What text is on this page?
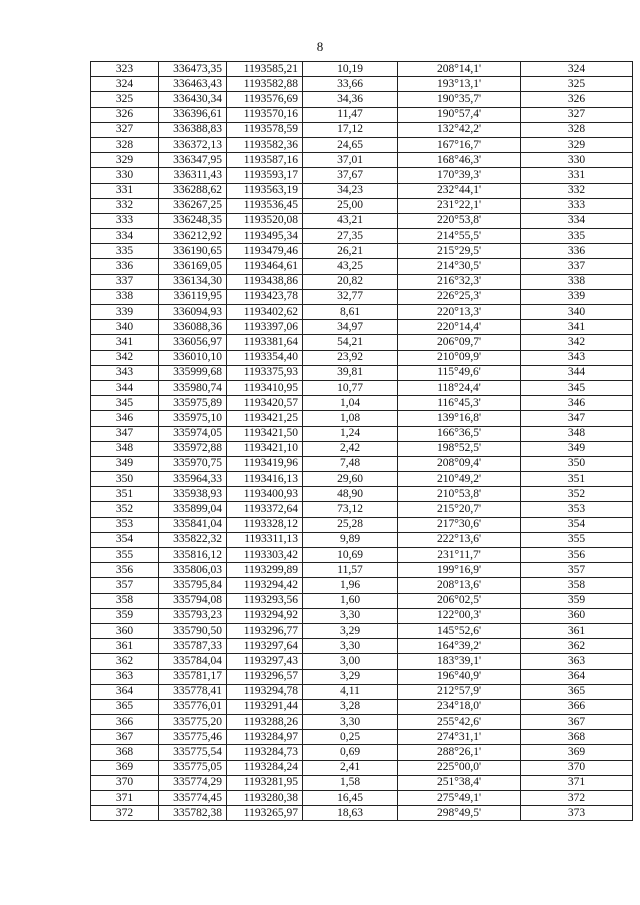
8
323	336473,35	1193585,21	10,19	208°14,1'	324
324	336463,43	1193582,88	33,66	193°13,1'	325
325	336430,34	1193576,69	34,36	190°35,7'	326
326	336396,61	1193570,16	11,47	190°57,4'	327
327	336388,83	1193578,59	17,12	132°42,2'	328
328	336372,13	1193582,36	24,65	167°16,7'	329
329	336347,95	1193587,16	37,01	168°46,3'	330
330	336311,43	1193593,17	37,67	170°39,3'	331
331	336288,62	1193563,19	34,23	232°44,1'	332
332	336267,25	1193536,45	25,00	231°22,1'	333
333	336248,35	1193520,08	43,21	220°53,8'	334
334	336212,92	1193495,34	27,35	214°55,5'	335
335	336190,65	1193479,46	26,21	215°29,5'	336
336	336169,05	1193464,61	43,25	214°30,5'	337
337	336134,30	1193438,86	20,82	216°32,3'	338
338	336119,95	1193423,78	32,77	226°25,3'	339
339	336094,93	1193402,62	8,61	220°13,3'	340
340	336088,36	1193397,06	34,97	220°14,4'	341
341	336056,97	1193381,64	54,21	206°09,7'	342
342	336010,10	1193354,40	23,92	210°09,9'	343
343	335999,68	1193375,93	39,81	115°49,6'	344
344	335980,74	1193410,95	10,77	118°24,4'	345
345	335975,89	1193420,57	1,04	116°45,3'	346
346	335975,10	1193421,25	1,08	139°16,8'	347
347	335974,05	1193421,50	1,24	166°36,5'	348
348	335972,88	1193421,10	2,42	198°52,5'	349
349	335970,75	1193419,96	7,48	208°09,4'	350
350	335964,33	1193416,13	29,60	210°49,2'	351
351	335938,93	1193400,93	48,90	210°53,8'	352
352	335899,04	1193372,64	73,12	215°20,7'	353
353	335841,04	1193328,12	25,28	217°30,6'	354
354	335822,32	1193311,13	9,89	222°13,6'	355
355	335816,12	1193303,42	10,69	231°11,7'	356
356	335806,03	1193299,89	11,57	199°16,9'	357
357	335795,84	1193294,42	1,96	208°13,6'	358
358	335794,08	1193293,56	1,60	206°02,5'	359
359	335793,23	1193294,92	3,30	122°00,3'	360
360	335790,50	1193296,77	3,29	145°52,6'	361
361	335787,33	1193297,64	3,30	164°39,2'	362
362	335784,04	1193297,43	3,00	183°39,1'	363
363	335781,17	1193296,57	3,29	196°40,9'	364
364	335778,41	1193294,78	4,11	212°57,9'	365
365	335776,01	1193291,44	3,28	234°18,0'	366
366	335775,20	1193288,26	3,30	255°42,6'	367
367	335775,46	1193284,97	0,25	274°31,1'	368
368	335775,54	1193284,73	0,69	288°26,1'	369
369	335775,05	1193284,24	2,41	225°00,0'	370
370	335774,29	1193281,95	1,58	251°38,4'	371
371	335774,45	1193280,38	16,45	275°49,1'	372
372	335782,38	1193265,97	18,63	298°49,5'	373
